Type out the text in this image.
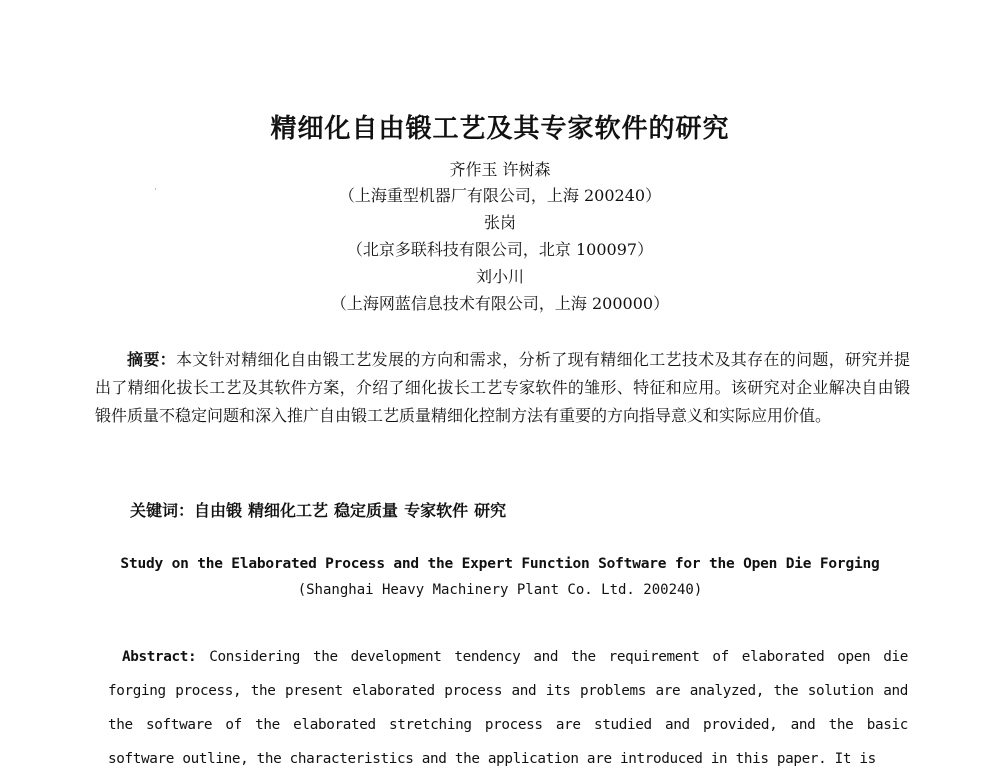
精细化自由锻工艺及其专家软件的研究
齐作玉 许树森
（上海重型机器厂有限公司，上海 200240）
张岗
（北京多联科技有限公司，北京 100097）
刘小川
（上海网蓝信息技术有限公司，上海 200000）

摘要：本文针对精细化自由锻工艺发展的方向和需求，分析了现有精细化工艺技术及其存在的问题，研究并提出了精细化拔长工艺及其软件方案，介绍了细化拔长工艺专家软件的雏形、特征和应用。该研究对企业解决自由锻锻件质量不稳定问题和深入推广自由锻工艺质量精细化控制方法有重要的方向指导意义和实际应用价值。

关键词：自由锻 精细化工艺 稳定质量 专家软件 研究
Study on the Elaborated Process and the Expert Function Software for the Open Die Forging
(Shanghai Heavy Machinery Plant Co. Ltd. 200240)

Abstract: Considering the development tendency and the requirement of elaborated open die forging process, the present elaborated process and its problems are analyzed, the solution and the software of the elaborated stretching process are studied and provided, and the basic software outline, the characteristics and the application are introduced in this paper. It is
